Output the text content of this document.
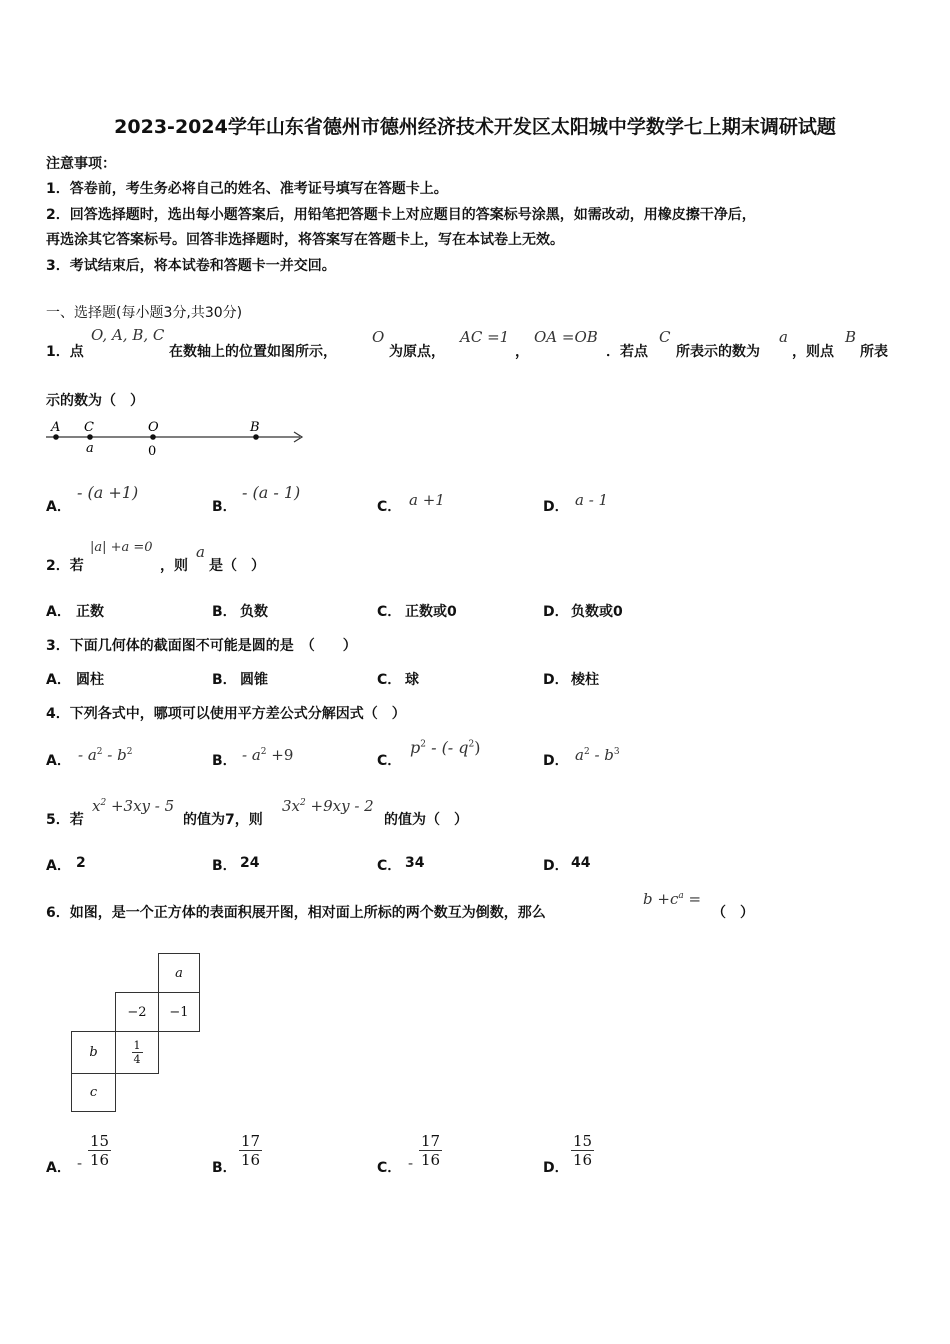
2023-2024学年山东省德州市德州经济技术开发区太阳城中学数学七上期末调研试题
注意事项：
1．答卷前，考生务必将自己的姓名、准考证号填写在答题卡上。
2．回答选择题时，选出每小题答案后，用铅笔把答题卡上对应题目的答案标号涂黑，如需改动，用橡皮擦干净后，
再选涂其它答案标号。回答非选择题时，将答案写在答题卡上，写在本试卷上无效。
3．考试结束后，将本试卷和答题卡一并交回。
一、选择题(每小题3分,共30分)
1．点
O, A, B, C
在数轴上的位置如图所示，
O
为原点，
AC =1
，
OA =OB
．若点
C
所表示的数为
a
，则点
B
所表
示的数为（　）
A C	O	B
a	0
A．
- (a +1)
B．
- (a - 1)
C． a +1	D． a - 1
2．若
|a| +a =0
，则
a
是（　）
A． 正数	B． 负数	C． 正数或0	D． 负数或0
3．下面几何体的截面图不可能是圆的是　（　　）
A． 圆柱	B． 圆锥	C． 球	D． 棱柱
4．下列各式中，哪项可以使用平方差公式分解因式（　）
A． - $a^2 - b^2$
B． - $a^2 +9$	C．
$p^2$ - (- $q^2$)
D． $a^2 - b^3$
5．若
$x^2 +3xy - 5$
的值为7，则
$3x^2 +9xy - 2$
的值为（　）
A． 2	B． 24	C． 34	D． 44
6．如图，是一个正方体的表面积展开图，相对面上所标的两个数互为倒数，那么
$b +c^a$ =
（　）
a
−2	−1
b	$\frac{1}{4}$
c
A． - $\frac{15}{16}$	B． $\frac{17}{16}$	C． - $\frac{17}{16}$	D． $\frac{15}{16}$
